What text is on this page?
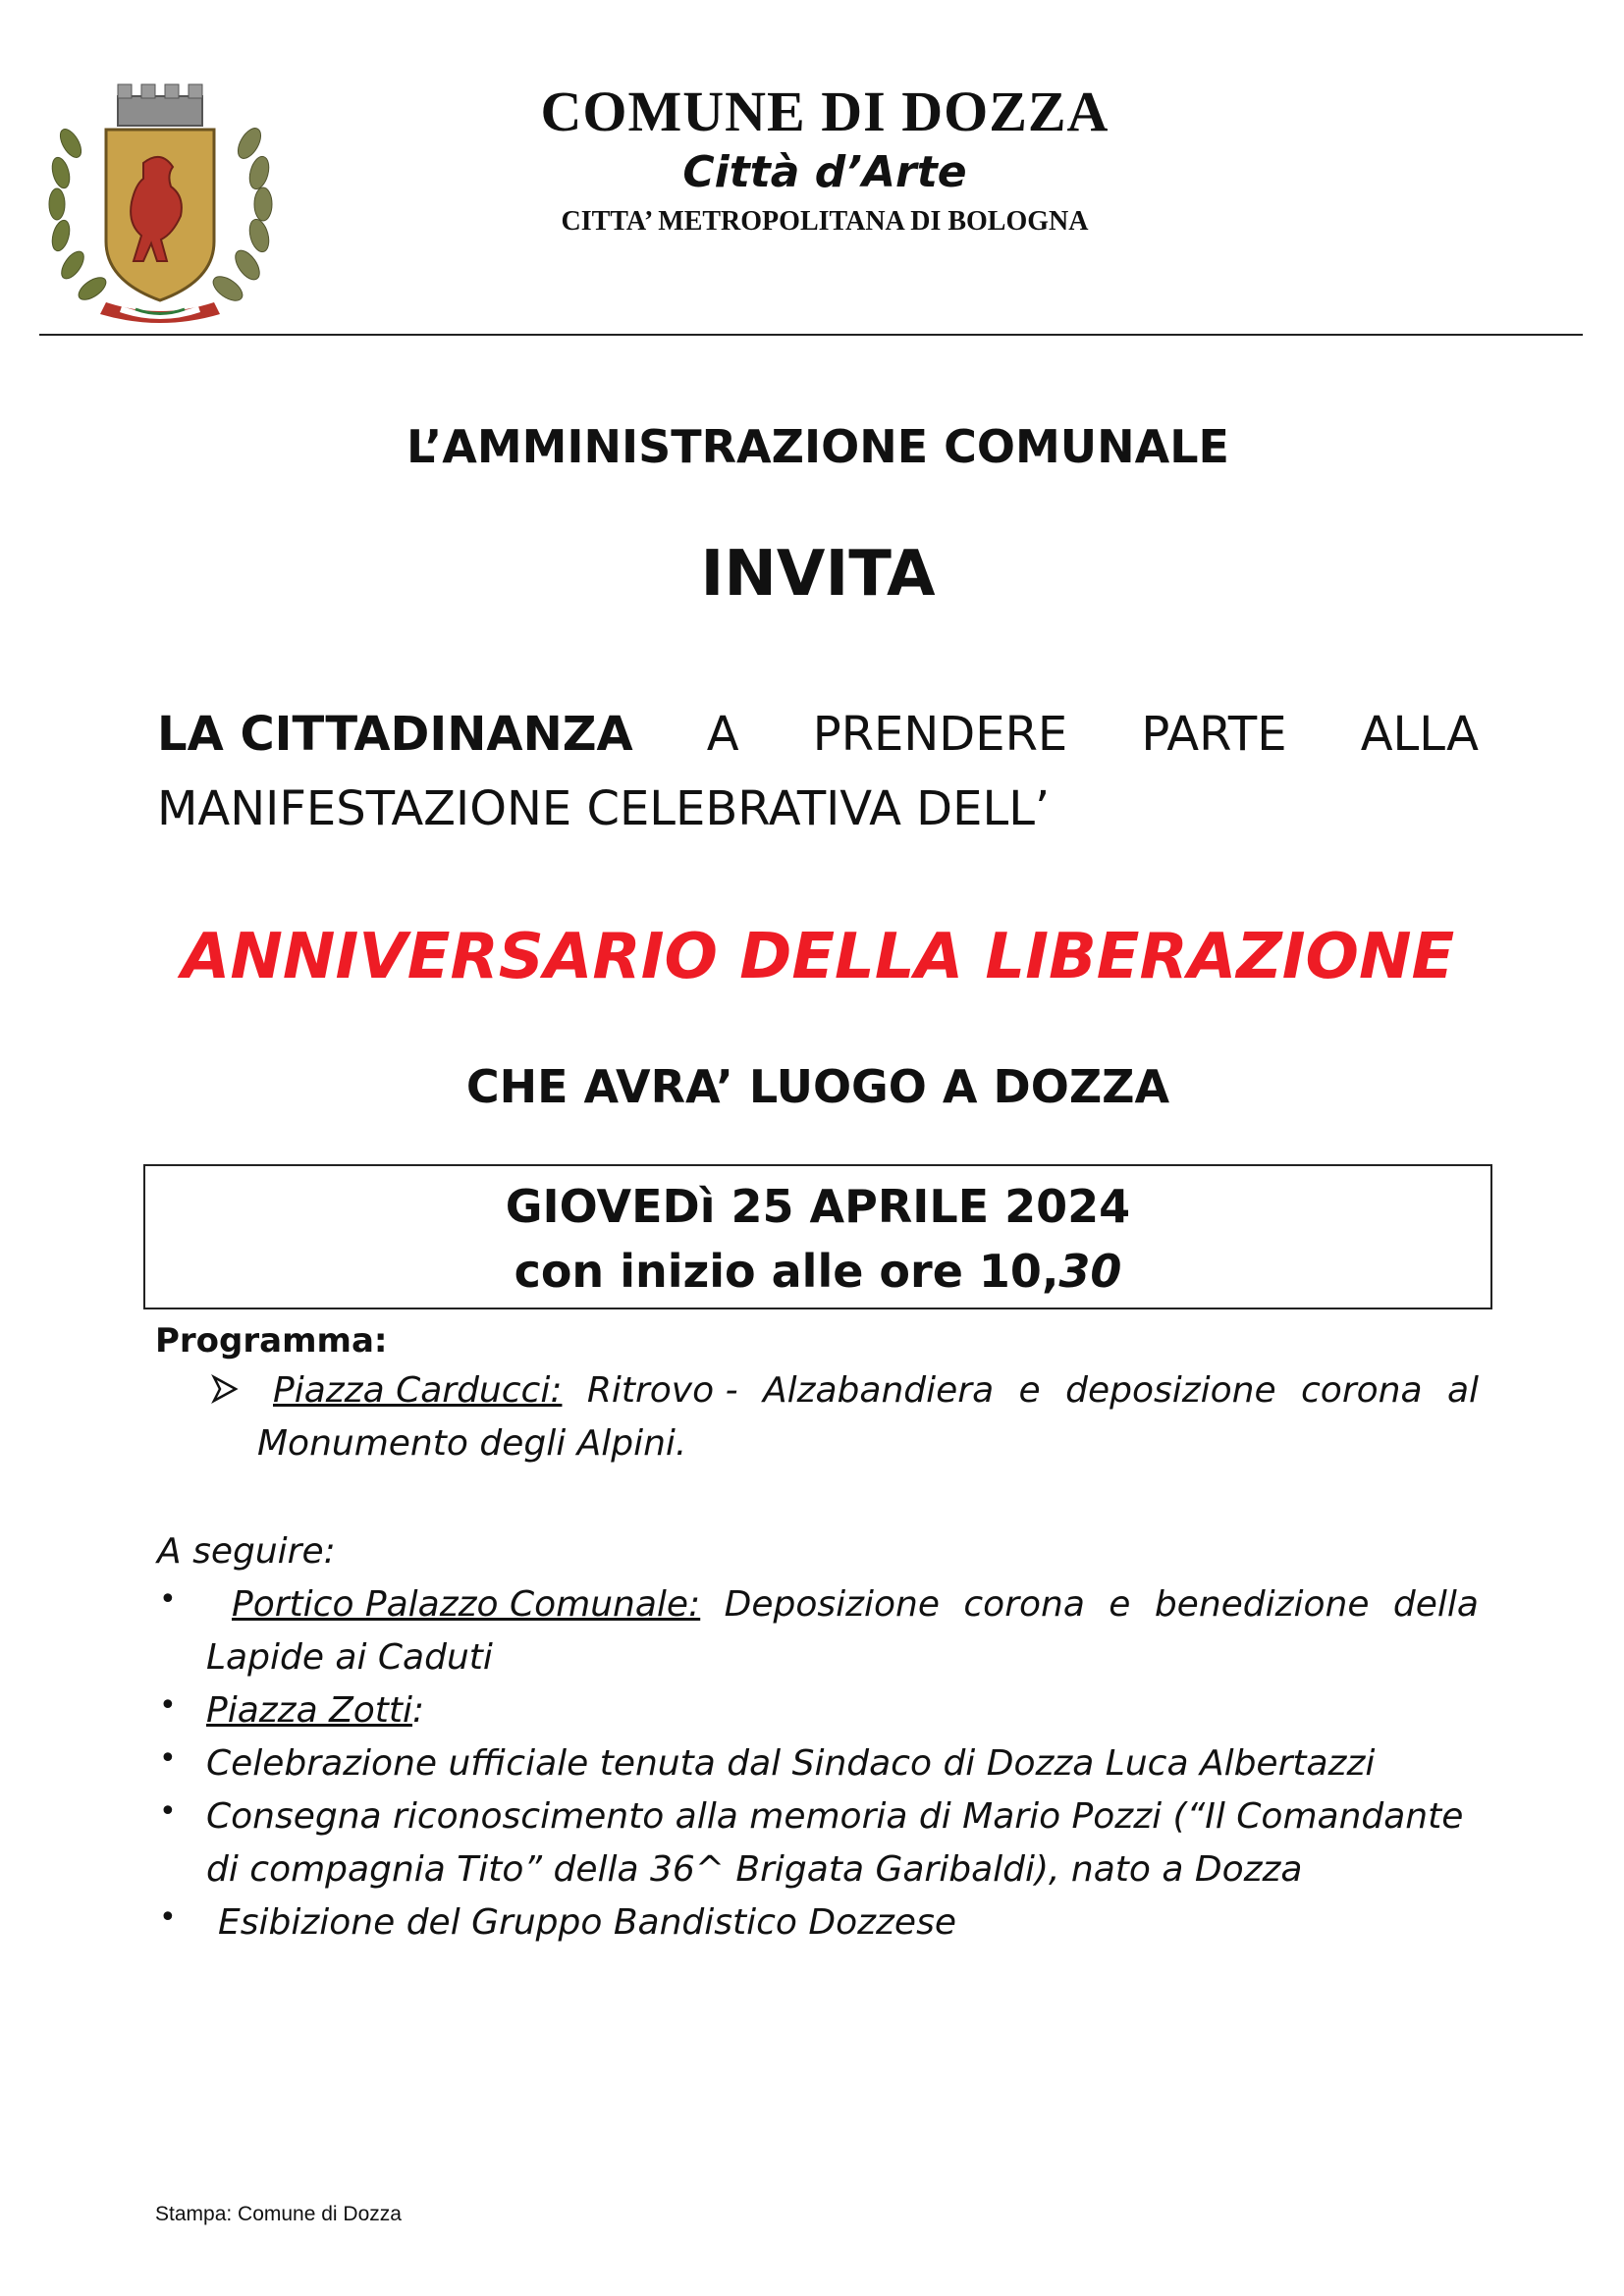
COMUNE DI DOZZA
Città d’Arte
CITTA’ METROPOLITANA DI BOLOGNA
L’AMMINISTRAZIONE COMUNALE
INVITA
LA CITTADINANZA A PRENDERE PARTE ALLA
MANIFESTAZIONE CELEBRATIVA DELL’
ANNIVERSARIO DELLA LIBERAZIONE
CHE AVRA’ LUOGO A DOZZA
GIOVEDì 25 APRILE 2024
con inizio alle ore 10,30
Programma:
Piazza Carducci: Ritrovo - Alzabandiera e deposizione corona al
Monumento degli Alpini.
A seguire:
• Portico Palazzo Comunale: Deposizione corona e benedizione della
Lapide ai Caduti
• Piazza Zotti:
• Celebrazione ufficiale tenuta dal Sindaco di Dozza Luca Albertazzi
• Consegna riconoscimento alla memoria di Mario Pozzi (“Il Comandante
di compagnia Tito” della 36^ Brigata Garibaldi), nato a Dozza
• Esibizione del Gruppo Bandistico Dozzese
Stampa: Comune di Dozza
